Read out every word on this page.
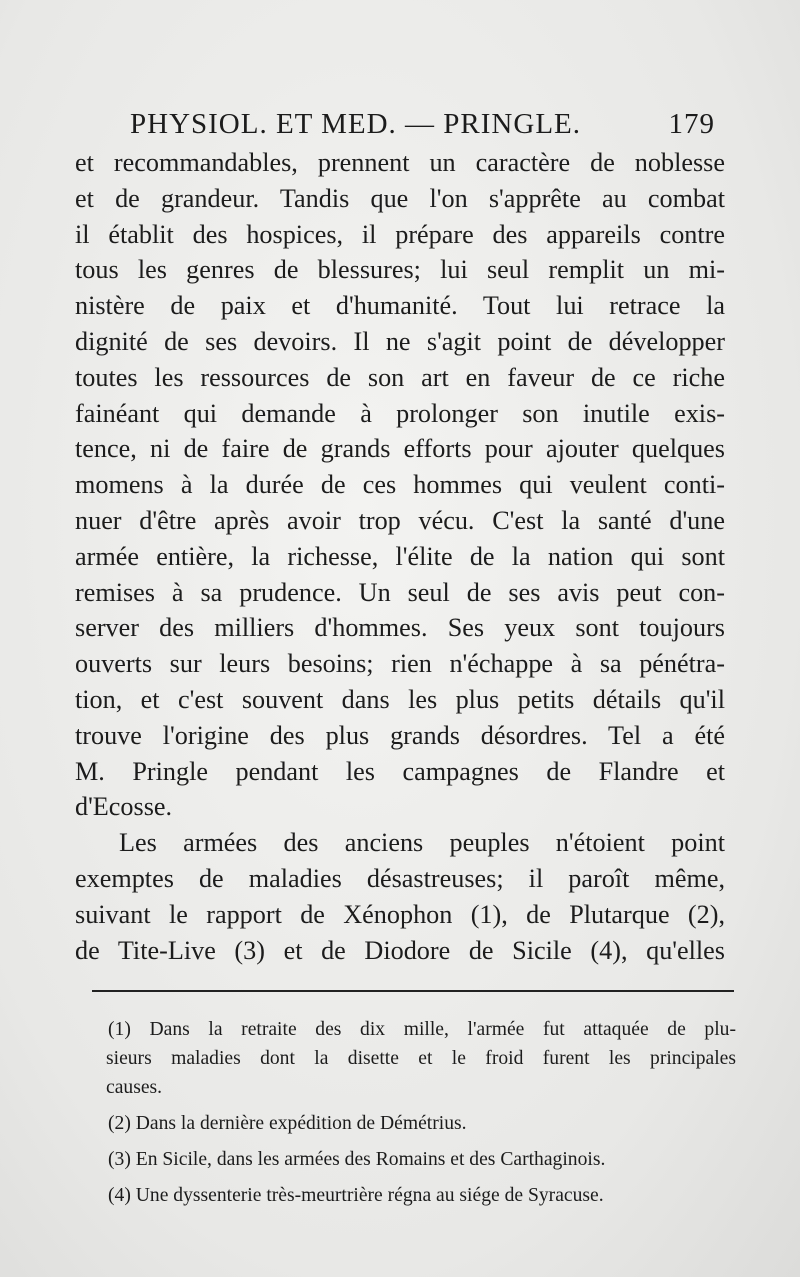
PHYSIOL. ET MED. — PRINGLE.	179
et recommandables, prennent un caractère de noblesse
et de grandeur. Tandis que l'on s'apprête au combat
il établit des hospices, il prépare des appareils contre
tous les genres de blessures; lui seul remplit un mi-
nistère de paix et d'humanité. Tout lui retrace la
dignité de ses devoirs. Il ne s'agit point de développer
toutes les ressources de son art en faveur de ce riche
fainéant qui demande à prolonger son inutile exis-
tence, ni de faire de grands efforts pour ajouter quelques
momens à la durée de ces hommes qui veulent conti-
nuer d'être après avoir trop vécu. C'est la santé d'une
armée entière, la richesse, l'élite de la nation qui sont
remises à sa prudence. Un seul de ses avis peut con-
server des milliers d'hommes. Ses yeux sont toujours
ouverts sur leurs besoins; rien n'échappe à sa pénétra-
tion, et c'est souvent dans les plus petits détails qu'il
trouve l'origine des plus grands désordres. Tel a été
M. Pringle pendant les campagnes de Flandre et
d'Ecosse.
Les armées des anciens peuples n'étoient point
exemptes de maladies désastreuses; il paroît même,
suivant le rapport de Xénophon (1), de Plutarque (2),
de Tite-Live (3) et de Diodore de Sicile (4), qu'elles
(1) Dans la retraite des dix mille, l'armée fut attaquée de plu-
sieurs maladies dont la disette et le froid furent les principales
causes.
(2) Dans la dernière expédition de Démétrius.
(3) En Sicile, dans les armées des Romains et des Carthaginois.
(4) Une dyssenterie très-meurtrière régna au siége de Syracuse.
